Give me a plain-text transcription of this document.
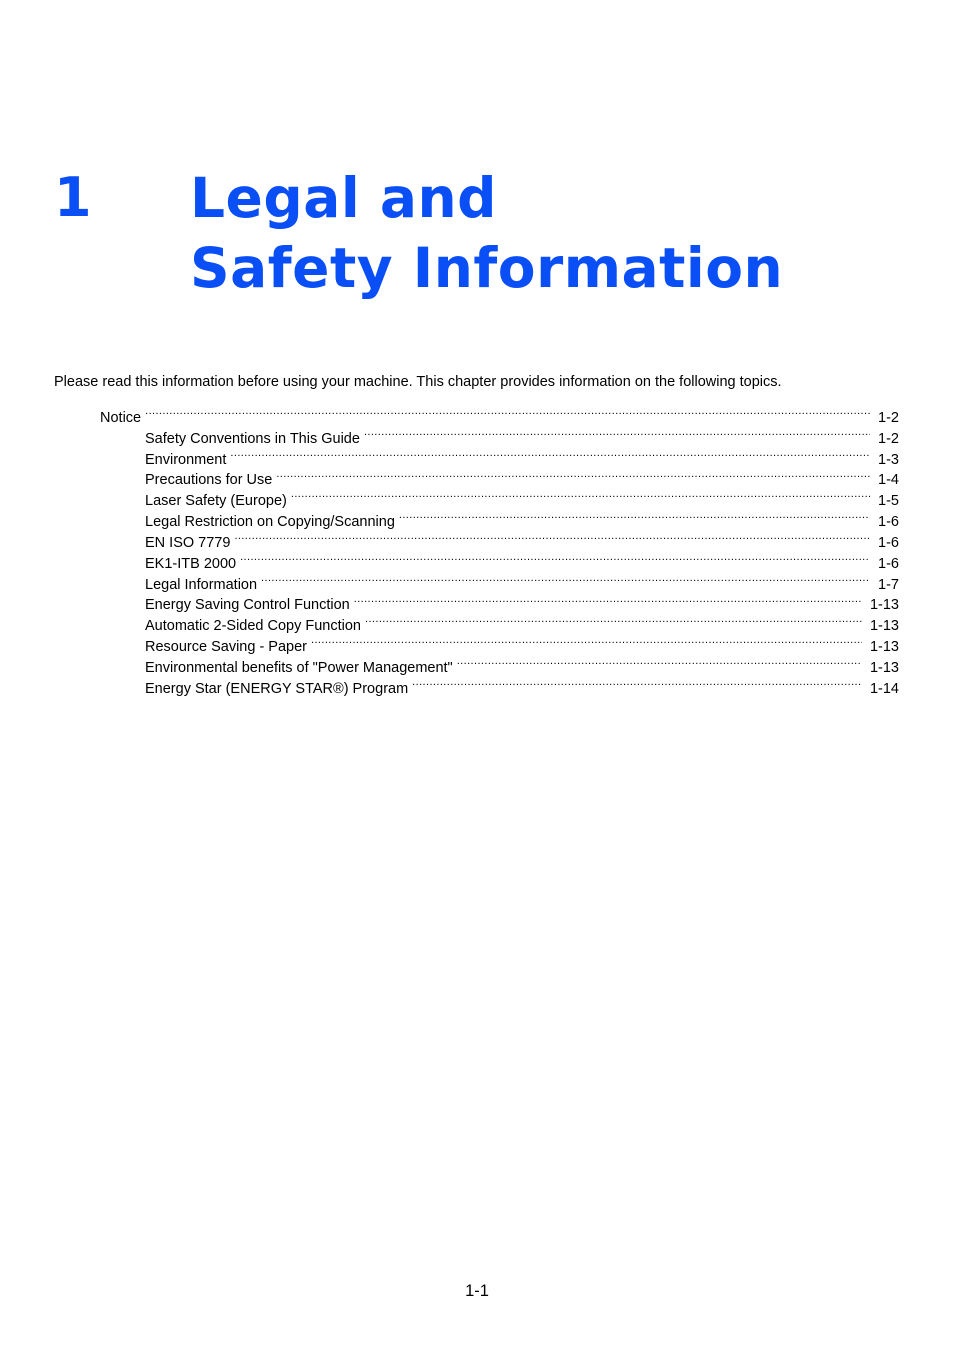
1 Legal and
Safety Information

Please read this information before using your machine. This chapter provides information on the following topics.

Notice .....	1-2
Safety Conventions in This Guide .....	1-2
Environment .....	1-3
Precautions for Use .....	1-4
Laser Safety (Europe) .....	1-5
Legal Restriction on Copying/Scanning .....	1-6
EN ISO 7779 .....	1-6
EK1-ITB 2000 .....	1-6
Legal Information .....	1-7
Energy Saving Control Function .....	1-13
Automatic 2-Sided Copy Function .....	1-13
Resource Saving - Paper .....	1-13
Environmental benefits of "Power Management" .....	1-13
Energy Star (ENERGY STAR®) Program .....	1-14
1-1
